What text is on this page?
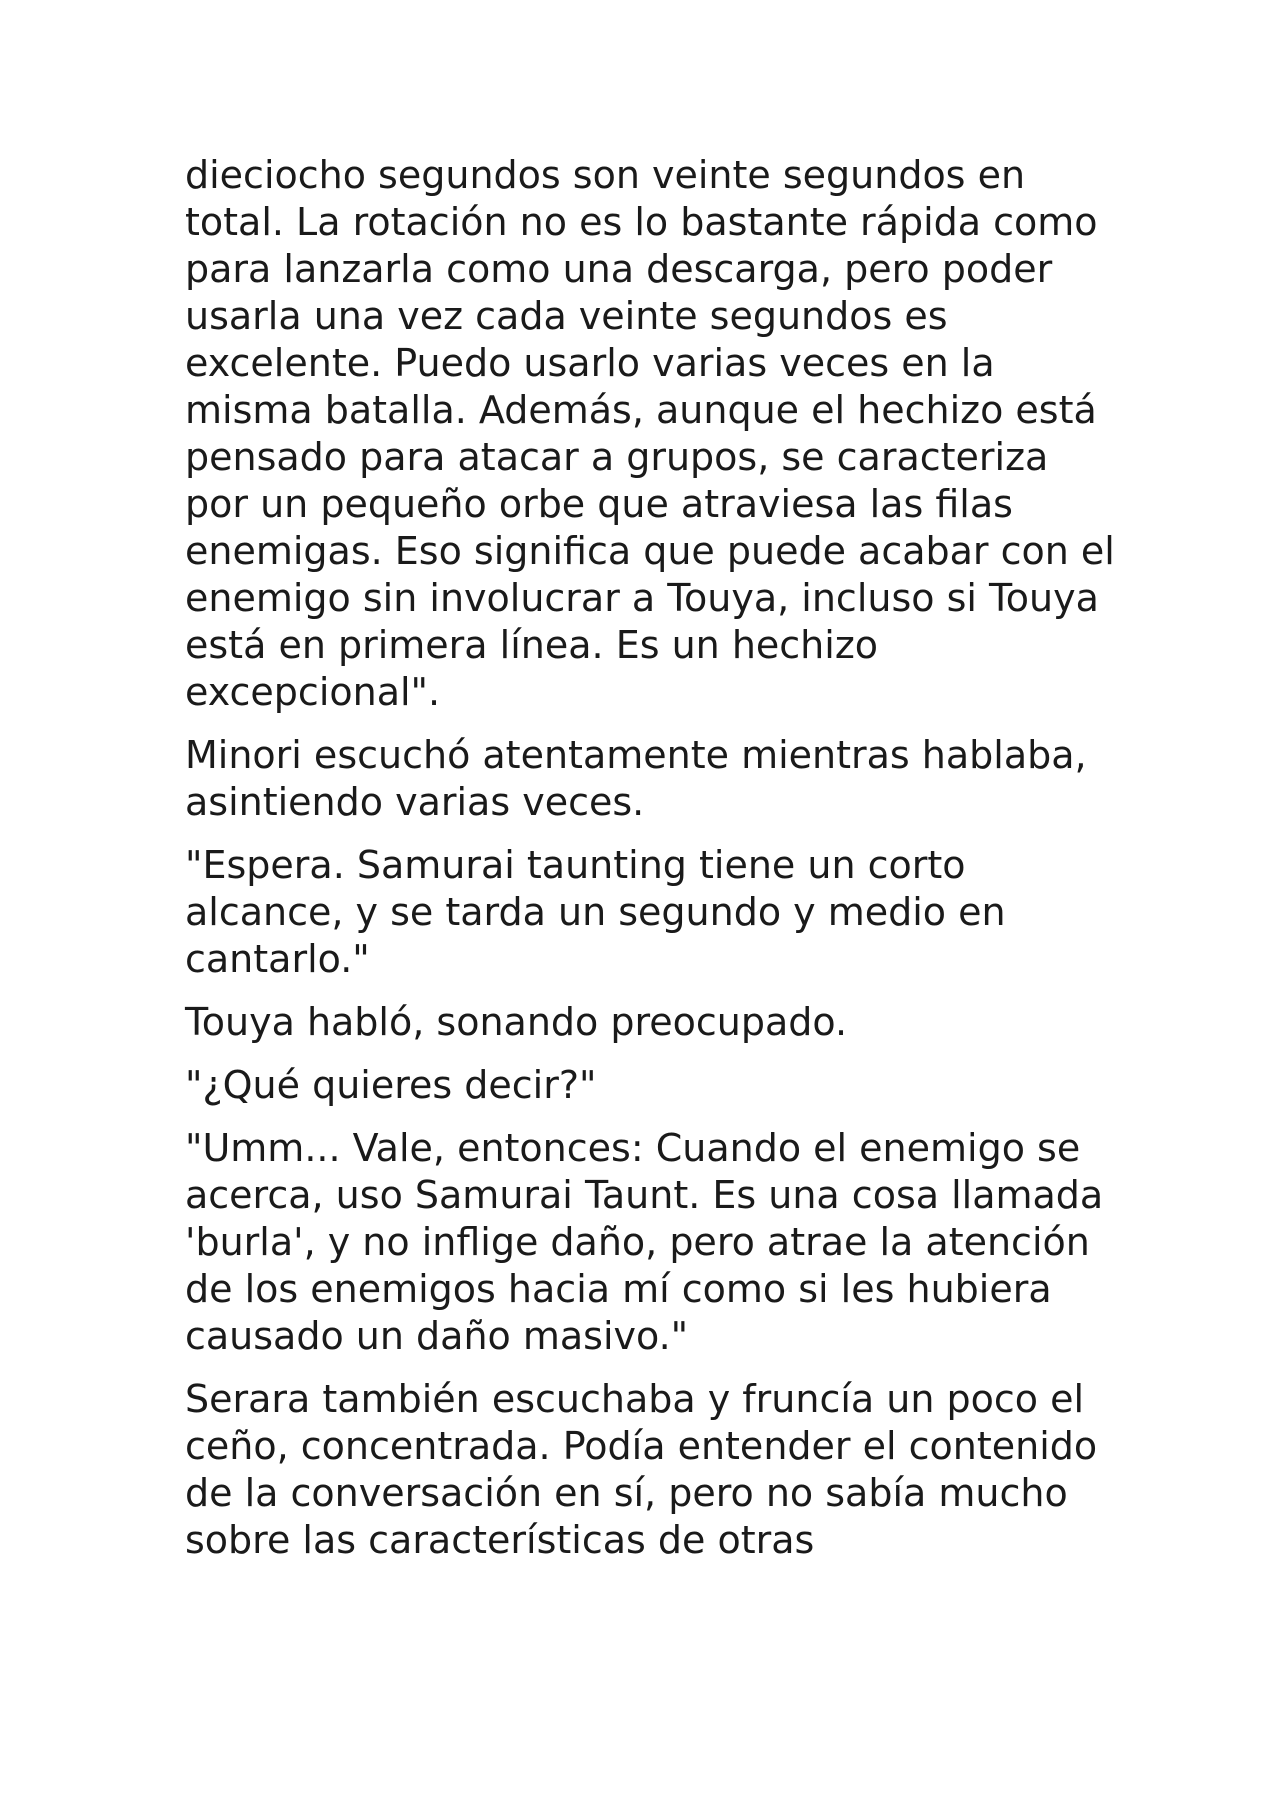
dieciocho segundos son veinte segundos en total. La rotación no es lo bastante rápida como para lanzarla como una descarga, pero poder usarla una vez cada veinte segundos es excelente. Puedo usarlo varias veces en la misma batalla. Además, aunque el hechizo está pensado para atacar a grupos, se caracteriza por un pequeño orbe que atraviesa las filas enemigas. Eso significa que puede acabar con el enemigo sin involucrar a Touya, incluso si Touya está en primera línea. Es un hechizo excepcional".

Minori escuchó atentamente mientras hablaba, asintiendo varias veces.

"Espera. Samurai taunting tiene un corto alcance, y se tarda un segundo y medio en cantarlo."

Touya habló, sonando preocupado.

"¿Qué quieres decir?"

"Umm... Vale, entonces: Cuando el enemigo se acerca, uso Samurai Taunt. Es una cosa llamada 'burla', y no inflige daño, pero atrae la atención de los enemigos hacia mí como si les hubiera causado un daño masivo."

Serara también escuchaba y fruncía un poco el ceño, concentrada. Podía entender el contenido de la conversación en sí, pero no sabía mucho sobre las características de otras
